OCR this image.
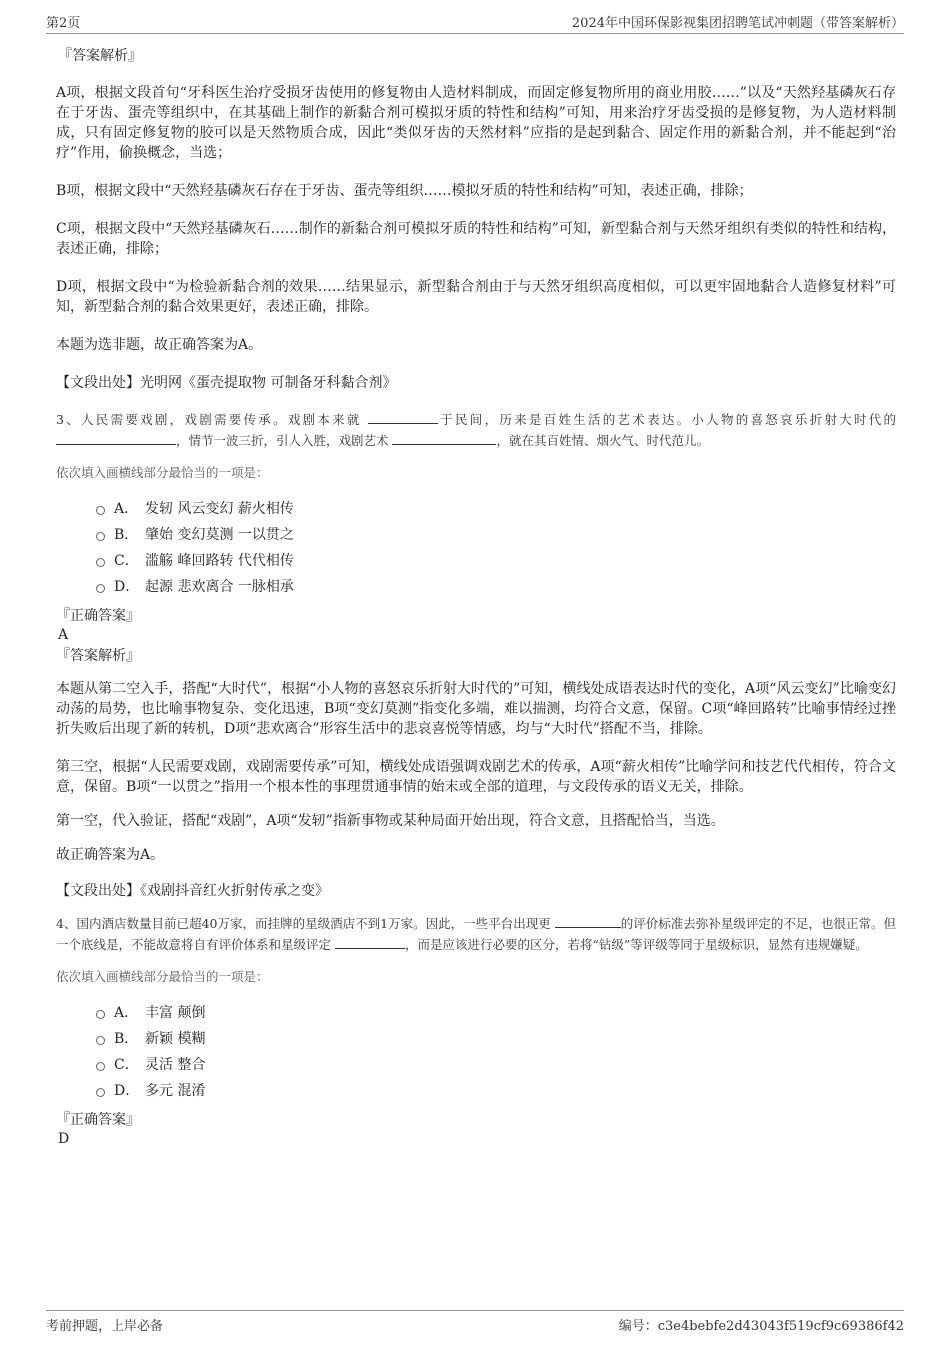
第2页	2024年中国环保影视集团招聘笔试冲刺题（带答案解析）
『答案解析』

A项，根据文段首句“牙科医生治疗受损牙齿使用的修复物由人造材料制成，而固定修复物所用的商业用胶……”以及“天然羟基磷灰石存在于牙齿、蛋壳等组织中，在其基础上制作的新黏合剂可模拟牙质的特性和结构”可知，用来治疗牙齿受损的是修复物，为人造材料制成，只有固定修复物的胶可以是天然物质合成，因此“类似牙齿的天然材料”应指的是起到黏合、固定作用的新黏合剂，并不能起到“治疗”作用，偷换概念，当选；

B项，根据文段中“天然羟基磷灰石存在于牙齿、蛋壳等组织……模拟牙质的特性和结构”可知，表述正确，排除；

C项，根据文段中“天然羟基磷灰石……制作的新黏合剂可模拟牙质的特性和结构”可知，新型黏合剂与天然牙组织有类似的特性和结构，表述正确，排除；

D项，根据文段中“为检验新黏合剂的效果……结果显示，新型黏合剂由于与天然牙组织高度相似，可以更牢固地黏合人造修复材料”可知，新型黏合剂的黏合效果更好，表述正确，排除。

本题为选非题，故正确答案为A。

【文段出处】光明网《蛋壳提取物 可制备牙科黏合剂》

3、人民需要戏剧，戏剧需要传承。戏剧本来就	于民间，历来是百姓生活的艺术表达。小人物的喜怒哀乐折射大时代的 ，情节一波三折，引人入胜，戏剧艺术	，就在其百姓情、烟火气、时代范儿。

依次填入画横线部分最恰当的一项是：

A． 发轫 风云变幻 薪火相传
B． 肇始 变幻莫测 一以贯之
C． 滥觞 峰回路转 代代相传
D． 起源 悲欢离合 一脉相承
『正确答案』
A
『答案解析』

本题从第二空入手，搭配“大时代”，根据“小人物的喜怒哀乐折射大时代的”可知，横线处成语表达时代的变化，A项“风云变幻”比喻变幻动荡的局势，也比喻事物复杂、变化迅速，B项“变幻莫测”指变化多端，难以揣测，均符合文意，保留。C项“峰回路转”比喻事情经过挫折失败后出现了新的转机，D项“悲欢离合”形容生活中的悲哀喜悦等情感，均与“大时代”搭配不当，排除。

第三空，根据“人民需要戏剧，戏剧需要传承”可知，横线处成语强调戏剧艺术的传承，A项“薪火相传”比喻学问和技艺代代相传，符合文意，保留。B项“一以贯之”指用一个根本性的事理贯通事情的始末或全部的道理，与文段传承的语义无关，排除。

第一空，代入验证，搭配“戏剧”，A项“发轫”指新事物或某种局面开始出现，符合文意，且搭配恰当，当选。

故正确答案为A。

【文段出处】《戏剧抖音红火折射传承之变》

4、国内酒店数量目前已超40万家，而挂牌的星级酒店不到1万家。因此，一些平台出现更	的评价标准去弥补星级评定的不足，也很正常。但一个底线是，不能故意将自有评价体系和星级评定	，而是应该进行必要的区分，若将“钻级”等评级等同于星级标识，显然有违规嫌疑。

依次填入画横线部分最恰当的一项是：

A． 丰富 颠倒
B． 新颖 模糊
C． 灵活 整合
D． 多元 混淆
『正确答案』
D
考前押题，上岸必备	编号：c3e4bebfe2d43043f519cf9c69386f42
